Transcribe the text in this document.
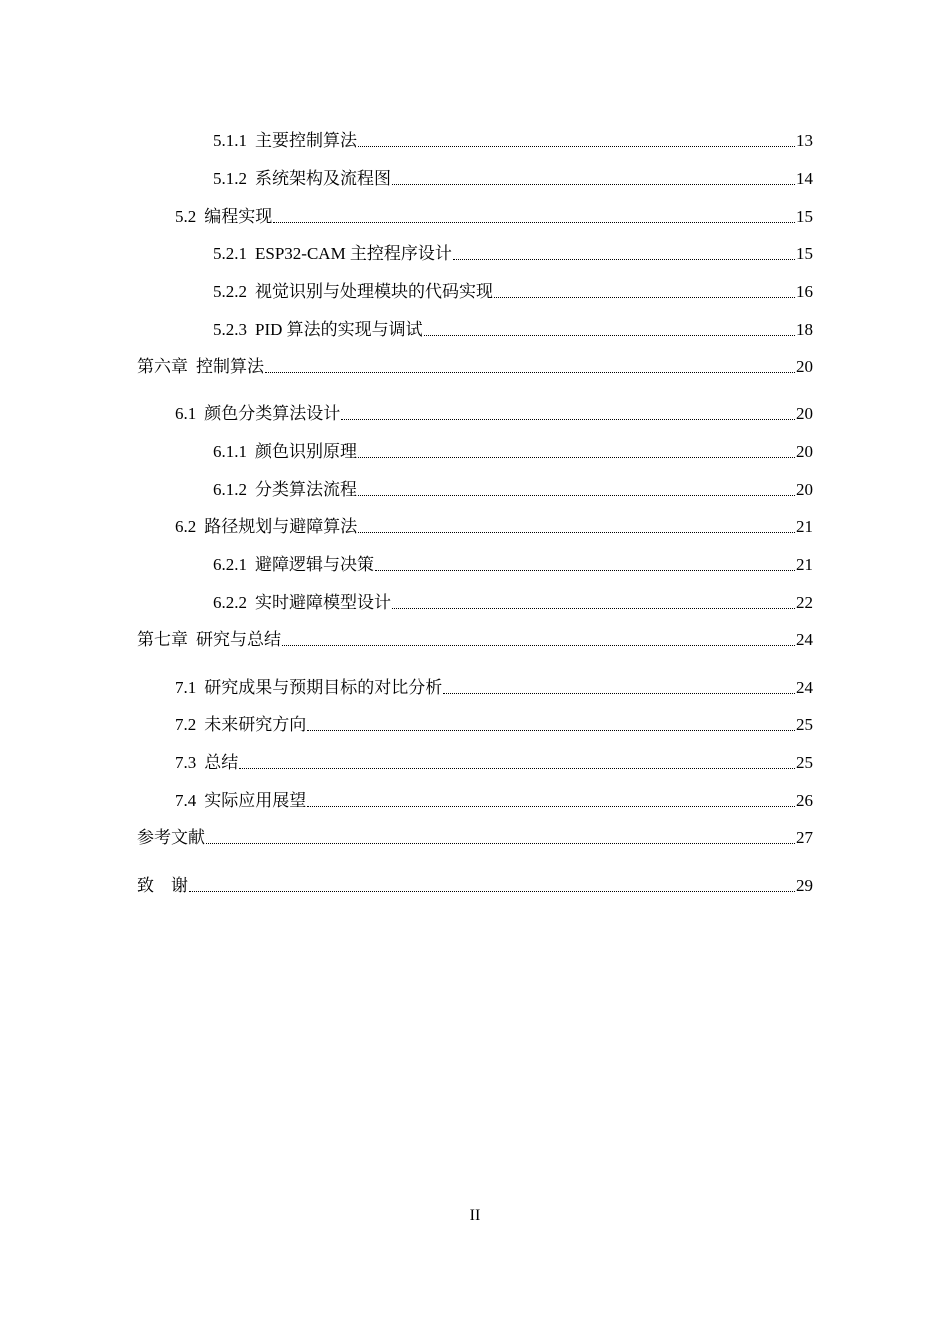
5.1.1 主要控制算法	13
5.1.2 系统架构及流程图	14
5.2 编程实现	15
5.2.1 ESP32-CAM 主控程序设计	15
5.2.2 视觉识别与处理模块的代码实现	16
5.2.3 PID 算法的实现与调试	18
第六章 控制算法	20
6.1 颜色分类算法设计	20
6.1.1 颜色识别原理	20
6.1.2 分类算法流程	20
6.2 路径规划与避障算法	21
6.2.1 避障逻辑与决策	21
6.2.2 实时避障模型设计	22
第七章 研究与总结	24
7.1 研究成果与预期目标的对比分析	24
7.2 未来研究方向	25
7.3 总结	25
7.4 实际应用展望	26
参考文献	27
致　谢	29
II
